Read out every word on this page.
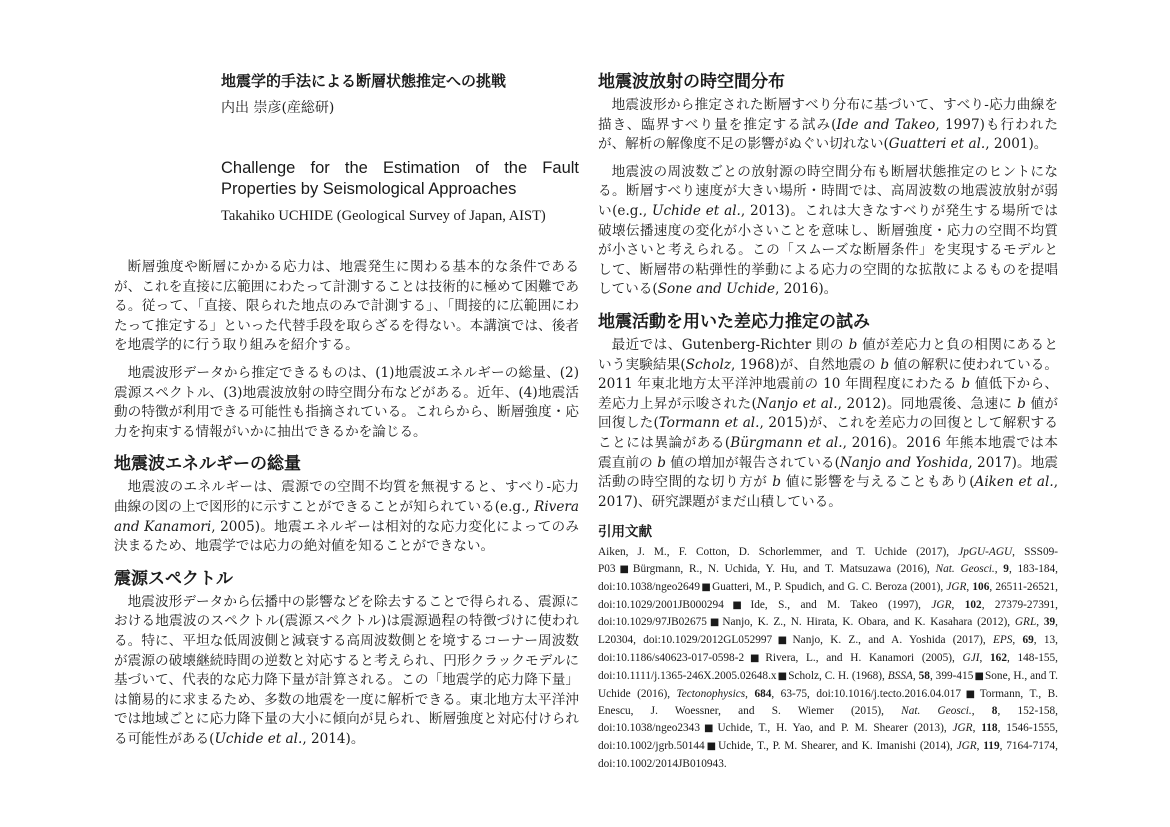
地震学的手法による断層状態推定への挑戦
内出 崇彦(産総研)
Challenge for the Estimation of the Fault Properties by Seismological Approaches
Takahiko UCHIDE (Geological Survey of Japan, AIST)

断層強度や断層にかかる応力は、地震発生に関わる基本的な条件であるが、これを直接に広範囲にわたって計測することは技術的に極めて困難である。従って、「直接、限られた地点のみで計測する」、「間接的に広範囲にわたって推定する」といった代替手段を取らざるを得ない。本講演では、後者を地震学的に行う取り組みを紹介する。

地震波形データから推定できるものは、(1)地震波エネルギーの総量、(2)震源スペクトル、(3)地震波放射の時空間分布などがある。近年、(4)地震活動の特徴が利用できる可能性も指摘されている。これらから、断層強度・応力を拘束する情報がいかに抽出できるかを論じる。

地震波エネルギーの総量

地震波のエネルギーは、震源での空間不均質を無視すると、すべり-応力曲線の図の上で図形的に示すことができることが知られている(e.g., Rivera and Kanamori, 2005)。地震エネルギーは相対的な応力変化によってのみ決まるため、地震学では応力の絶対値を知ることができない。

震源スペクトル

地震波形データから伝播中の影響などを除去することで得られる、震源における地震波のスペクトル(震源スペクトル)は震源過程の特徴づけに使われる。特に、平坦な低周波側と減衰する高周波数側とを境するコーナー周波数が震源の破壊継続時間の逆数と対応すると考えられ、円形クラックモデルに基づいて、代表的な応力降下量が計算される。この「地震学的応力降下量」は簡易的に求まるため、多数の地震を一度に解析できる。東北地方太平洋沖では地域ごとに応力降下量の大小に傾向が見られ、断層強度と対応付けられる可能性がある(Uchide et al., 2014)。

地震波放射の時空間分布

地震波形から推定された断層すべり分布に基づいて、すべり-応力曲線を描き、臨界すべり量を推定する試み(Ide and Takeo, 1997)も行われたが、解析の解像度不足の影響がぬぐい切れない(Guatteri et al., 2001)。

地震波の周波数ごとの放射源の時空間分布も断層状態推定のヒントになる。断層すべり速度が大きい場所・時間では、高周波数の地震波放射が弱い(e.g., Uchide et al., 2013)。これは大きなすべりが発生する場所では破壊伝播速度の変化が小さいことを意味し、断層強度・応力の空間不均質が小さいと考えられる。この「スムーズな断層条件」を実現するモデルとして、断層帯の粘弾性的挙動による応力の空間的な拡散によるものを提唱している(Sone and Uchide, 2016)。

地震活動を用いた差応力推定の試み

最近では、Gutenberg-Richter 則の b 値が差応力と負の相関にあるという実験結果(Scholz, 1968)が、自然地震の b 値の解釈に使われている。2011 年東北地方太平洋沖地震前の 10 年間程度にわたる b 値低下から、差応力上昇が示唆された(Nanjo et al., 2012)。同地震後、急速に b 値が回復した(Tormann et al., 2015)が、これを差応力の回復として解釈することには異論がある(Bürgmann et al., 2016)。2016 年熊本地震では本震直前の b 値の増加が報告されている(Nanjo and Yoshida, 2017)。地震活動の時空間的な切り方が b 値に影響を与えることもあり(Aiken et al., 2017)、研究課題がまだ山積している。

引用文献

Aiken, J. M., F. Cotton, D. Schorlemmer, and T. Uchide (2017), JpGU-AGU, SSS09-P03■Bürgmann, R., N. Uchida, Y. Hu, and T. Matsuzawa (2016), Nat. Geosci., 9, 183-184, doi:10.1038/ngeo2649■Guatteri, M., P. Spudich, and G. C. Beroza (2001), JGR, 106, 26511-26521, doi:10.1029/2001JB000294■Ide, S., and M. Takeo (1997), JGR, 102, 27379-27391, doi:10.1029/97JB02675■Nanjo, K. Z., N. Hirata, K. Obara, and K. Kasahara (2012), GRL, 39, L20304, doi:10.1029/2012GL052997■Nanjo, K. Z., and A. Yoshida (2017), EPS, 69, 13, doi:10.1186/s40623-017-0598-2■Rivera, L., and H. Kanamori (2005), GJI, 162, 148-155, doi:10.1111/j.1365-246X.2005.02648.x■Scholz, C. H. (1968), BSSA, 58, 399-415■Sone, H., and T. Uchide (2016), Tectonophysics, 684, 63-75, doi:10.1016/j.tecto.2016.04.017■Tormann, T., B. Enescu, J. Woessner, and S. Wiemer (2015), Nat. Geosci., 8, 152-158, doi:10.1038/ngeo2343■Uchide, T., H. Yao, and P. M. Shearer (2013), JGR, 118, 1546-1555, doi:10.1002/jgrb.50144■Uchide, T., P. M. Shearer, and K. Imanishi (2014), JGR, 119, 7164-7174, doi:10.1002/2014JB010943.
